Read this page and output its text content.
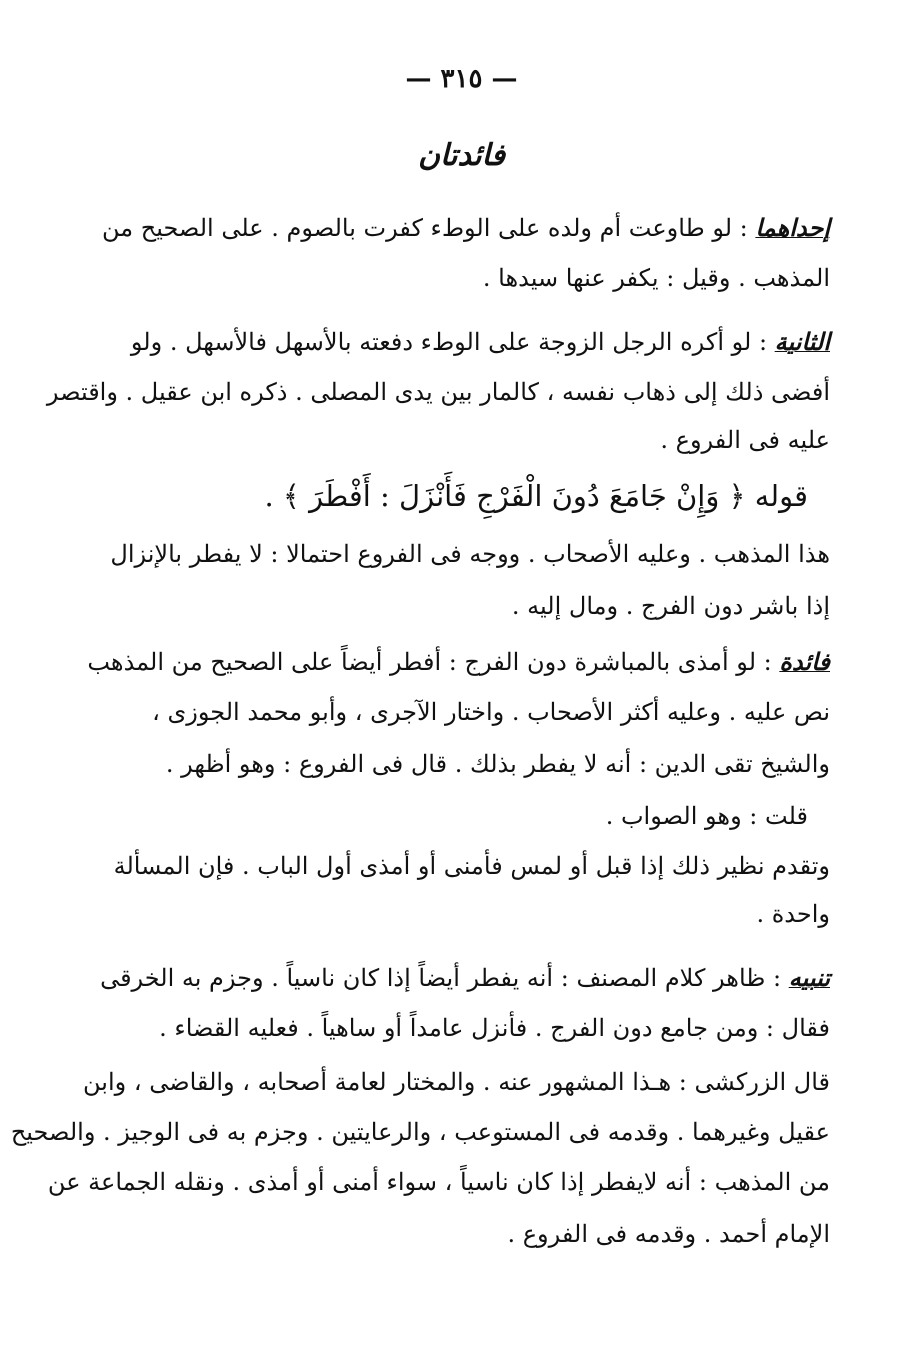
— ٣١٥ —
فائدتان
إحداهما : لو طاوعت أم ولده على الوطء كفرت بالصوم . على الصحيح من
المذهب . وقيل : يكفر عنها سيدها .
الثانية : لو أكره الرجل الزوجة على الوطء دفعته بالأسهل فالأسهل . ولو
أفضى ذلك إلى ذهاب نفسه ، كالمار بين يدى المصلى . ذكره ابن عقيل . واقتصر
عليه فى الفروع .
قوله ﴿ وَإِنْ جَامَعَ دُونَ الْفَرْجِ فَأَنْزَلَ : أَفْطَرَ ﴾ .
هذا المذهب . وعليه الأصحاب . ووجه فى الفروع احتمالا : لا يفطر بالإنزال
إذا باشر دون الفرج . ومال إليه .
فائدة : لو أمذى بالمباشرة دون الفرج : أفطر أيضاً على الصحيح من المذهب
نص عليه . وعليه أكثر الأصحاب . واختار الآجرى ، وأبو محمد الجوزى ،
والشيخ تقى الدين : أنه لا يفطر بذلك . قال فى الفروع : وهو أظهر .
قلت : وهو الصواب .
وتقدم نظير ذلك إذا قبل أو لمس فأمنى أو أمذى أول الباب . فإن المسألة
واحدة .
تنبيه : ظاهر كلام المصنف : أنه يفطر أيضاً إذا كان ناسياً . وجزم به الخرقى
فقال : ومن جامع دون الفرج . فأنزل عامداً أو ساهياً . فعليه القضاء .
قال الزركشى : هـذا المشهور عنه . والمختار لعامة أصحابه ، والقاضى ، وابن
عقيل وغيرهما . وقدمه فى المستوعب ، والرعايتين . وجزم به فى الوجيز . والصحيح
من المذهب : أنه لايفطر إذا كان ناسياً ، سواء أمنى أو أمذى . ونقله الجماعة عن
الإمام أحمد . وقدمه فى الفروع .
